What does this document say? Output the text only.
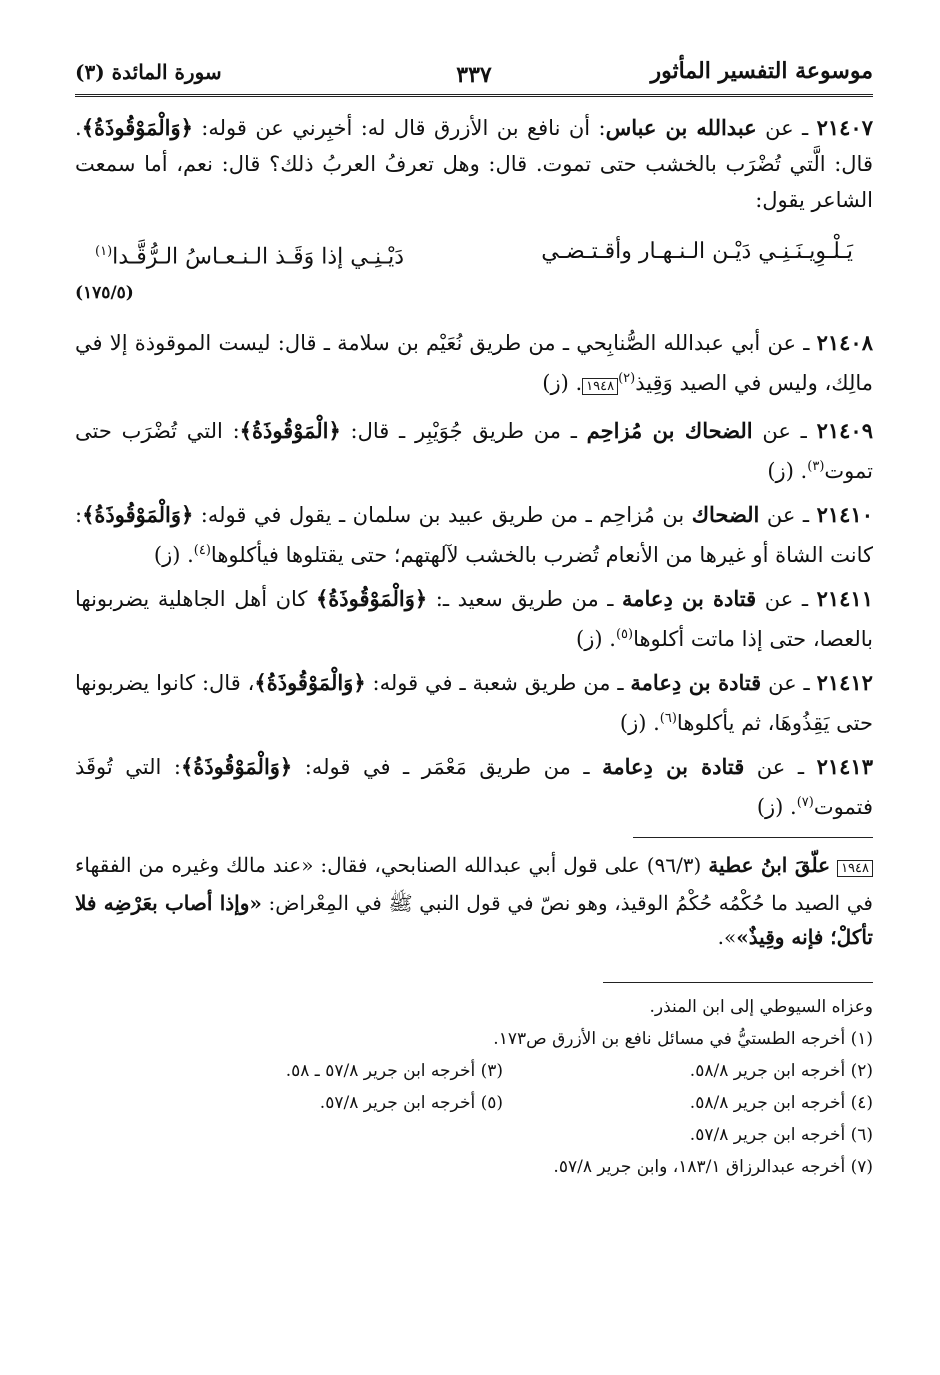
موسوعة التفسير المأثور
٣٣٧
سورة المائدة (٣)

٢١٤٠٧ ـ عن عبدالله بن عباس: أن نافع بن الأزرق قال له: أخبِرني عن قوله: ﴿وَالْمَوْقُوذَةُ﴾. قال: الَّتي تُضْرَب بالخشب حتى تموت. قال: وهل تعرفُ العربُ ذلك؟ قال: نعم، أما سمعت الشاعر يقول:

يَـلْـوِيـنَـنِـي دَيْـن الـنـهـار وأقـتـضـي
دَيْـنِـي إذا وَقَـذ الـنـعـاسُ الـرُّقَّـدا$^{(١)}$
(١٧٥/٥)

٢١٤٠٨ ـ عن أبي عبدالله الصُّنابِحي ـ من طريق نُعَيْم بن سلامة ـ قال: ليست الموقوذة إلا في مالِك، وليس في الصيد وَقِيذ$^{(٢)}$١٩٤٨. (ز)

٢١٤٠٩ ـ عن الضحاك بن مُزاحِم ـ من طريق جُوَيْبِر ـ قال: ﴿الْمَوْقُوذَةُ﴾: التي تُضْرَب حتى تموت$^{(٣)}$. (ز)

٢١٤١٠ ـ عن الضحاك بن مُزاحِم ـ من طريق عبيد بن سلمان ـ يقول في قوله: ﴿وَالْمَوْقُوذَةُ﴾: كانت الشاة أو غيرها من الأنعام تُضرب بالخشب لآلهتهم؛ حتى يقتلوها فيأكلوها$^{(٤)}$. (ز)

٢١٤١١ ـ عن قتادة بن دِعامة ـ من طريق سعيد ـ: ﴿وَالْمَوْقُوذَةُ﴾ كان أهل الجاهلية يضربونها بالعصا، حتى إذا ماتت أكلوها$^{(٥)}$. (ز)

٢١٤١٢ ـ عن قتادة بن دِعامة ـ من طريق شعبة ـ في قوله: ﴿وَالْمَوْقُوذَةُ﴾، قال: كانوا يضربونها حتى يَقِذُوهَا، ثم يأكلوها$^{(٦)}$. (ز)

٢١٤١٣ ـ عن قتادة بن دِعامة ـ من طريق مَعْمَر ـ في قوله: ﴿وَالْمَوْقُوذَةُ﴾: التي تُوقَذ فتموت$^{(٧)}$. (ز)

١٩٤٨ علّقَ ابنُ عطية (٩٦/٣) على قول أبي عبدالله الصنابحي، فقال: «عند مالك وغيره من الفقهاء في الصيد ما حُكْمُه حُكْمُ الوقيذ، وهو نصّ في قول النبي ﷺ في المِعْراض: «وإذا أصاب بعَرْضِه فلا تأكلْ؛ فإنه وقِيذٌ»».
وعزاه السيوطي إلى ابن المنذر.
(١) أخرجه الطستيُّ في مسائل نافع بن الأزرق ص١٧٣.
(٢) أخرجه ابن جرير ٥٨/٨.
(٣) أخرجه ابن جرير ٥٧/٨ ـ ٥٨.
(٤) أخرجه ابن جرير ٥٨/٨.
(٥) أخرجه ابن جرير ٥٧/٨.
(٦) أخرجه ابن جرير ٥٧/٨.
(٧) أخرجه عبدالرزاق ١٨٣/١، وابن جرير ٥٧/٨.
